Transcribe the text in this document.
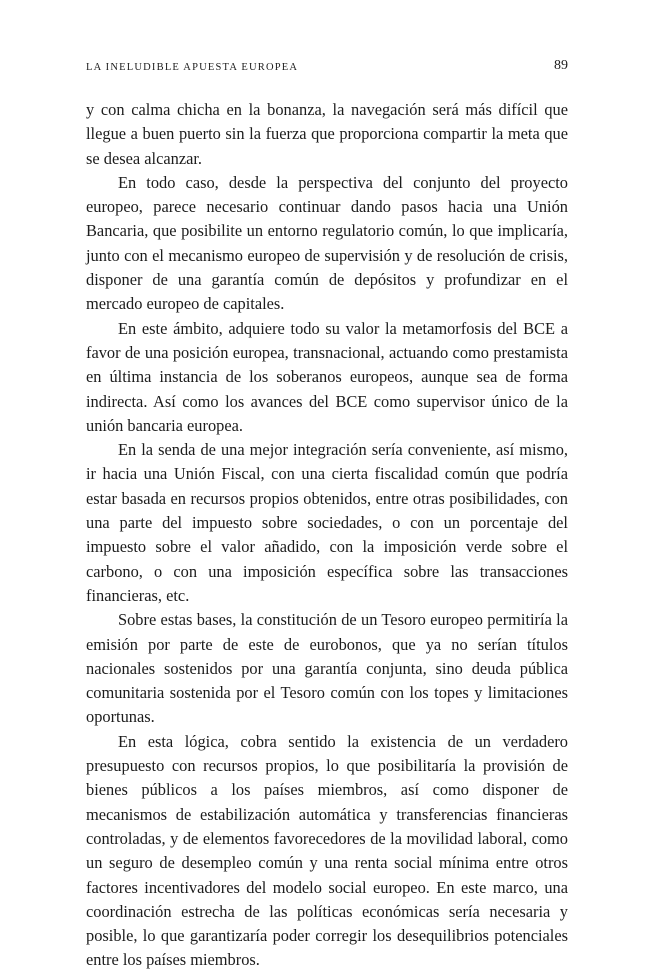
LA INELUDIBLE APUESTA EUROPEA	89

y con calma chicha en la bonanza, la navegación será más difícil que llegue a buen puerto sin la fuerza que proporciona compartir la meta que se desea alcanzar.

En todo caso, desde la perspectiva del conjunto del proyecto europeo, parece necesario continuar dando pasos hacia una Unión Bancaria, que posibilite un entorno regulatorio común, lo que implicaría, junto con el mecanismo europeo de supervisión y de resolución de crisis, disponer de una garantía común de depósitos y profundizar en el mercado europeo de capitales.

En este ámbito, adquiere todo su valor la metamorfosis del BCE a favor de una posición europea, transnacional, actuando como prestamista en última instancia de los soberanos europeos, aunque sea de forma indirecta. Así como los avances del BCE como supervisor único de la unión bancaria europea.

En la senda de una mejor integración sería conveniente, así mismo, ir hacia una Unión Fiscal, con una cierta fiscalidad común que podría estar basada en recursos propios obtenidos, entre otras posibilidades, con una parte del impuesto sobre sociedades, o con un porcentaje del impuesto sobre el valor añadido, con la imposición verde sobre el carbono, o con una imposición específica sobre las transacciones financieras, etc.

Sobre estas bases, la constitución de un Tesoro europeo permitiría la emisión por parte de este de eurobonos, que ya no serían títulos nacionales sostenidos por una garantía conjunta, sino deuda pública comunitaria sostenida por el Tesoro común con los topes y limitaciones oportunas.

En esta lógica, cobra sentido la existencia de un verdadero presupuesto con recursos propios, lo que posibilitaría la provisión de bienes públicos a los países miembros, así como disponer de mecanismos de estabilización automática y transferencias financieras controladas, y de elementos favorecedores de la movilidad laboral, como un seguro de desempleo común y una renta social mínima entre otros factores incentivadores del modelo social europeo. En este marco, una coordinación estrecha de las políticas económicas sería necesaria y posible, lo que garantizaría poder corregir los desequilibrios potenciales entre los países miembros.
